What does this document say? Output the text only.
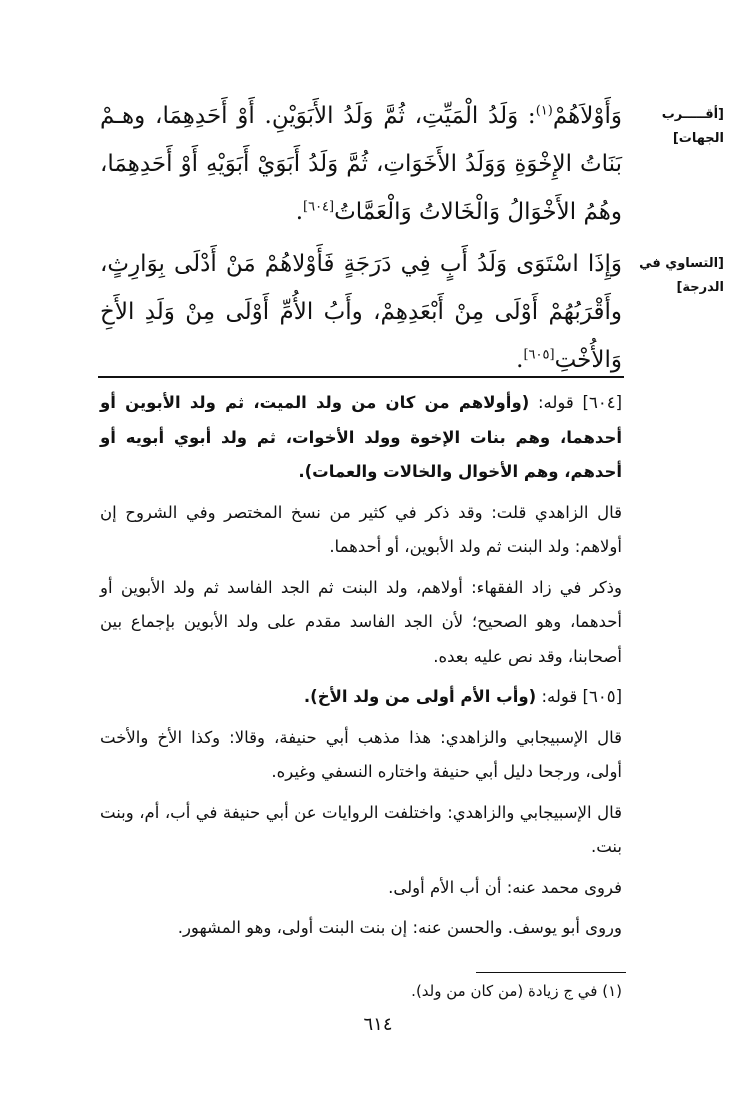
[أقـــــرب الجهات]
[التساوي في الدرجة]
وَأَوْلاَهُمْ$^{(١)}$: وَلَدُ الْمَيِّتِ، ثُمَّ وَلَدُ الأَبَوَيْنِ. أَوْ أَحَدِهِمَا، وهـمْ بَنَاتُ الإِخْوَةِ وَوَلَدُ الأَخَوَاتِ، ثُمَّ وَلَدُ أَبَوَيْ أَبَوَيْهِ أَوْ أَحَدِهِمَا، وهُمُ الأَخْوَالُ وَالْخَالاتُ وَالْعَمَّاتُ[٦٠٤].
وَإِذَا اسْتَوَى وَلَدُ أَبٍ فِي دَرَجَةٍ فَأَوْلاهُمْ مَنْ أَدْلَى بِوَارِثٍ، وأَقْرَبُهُمْ أَوْلَى مِنْ أَبْعَدِهِمْ، وأَبُ الأُمِّ أَوْلَى مِنْ وَلَدِ الأَخِ وَالأُخْتِ[٦٠٥].

[٦٠٤] قوله: (وأولاهم من كان من ولد الميت، ثم ولد الأبوين أو أحدهما، وهم بنات الإخوة وولد الأخوات، ثم ولد أبوي أبويه أو أحدهم، وهم الأخوال والخالات والعمات).

قال الزاهدي قلت: وقد ذكر في كثير من نسخ المختصر وفي الشروح إن أولاهم: ولد البنت ثم ولد الأبوين، أو أحدهما.

وذكر في زاد الفقهاء: أولاهم، ولد البنت ثم الجد الفاسد ثم ولد الأبوين أو أحدهما، وهو الصحيح؛ لأن الجد الفاسد مقدم على ولد الأبوين بإجماع بين أصحابنا، وقد نص عليه بعده.

[٦٠٥] قوله: (وأب الأم أولى من ولد الأخ).

قال الإسبيجابي والزاهدي: هذا مذهب أبي حنيفة، وقالا: وكذا الأخ والأخت أولى، ورجحا دليل أبي حنيفة واختاره النسفي وغيره.

قال الإسبيجابي والزاهدي: واختلفت الروايات عن أبي حنيفة في أب، أم، وبنت بنت.

فروى محمد عنه: أن أب الأم أولى.

وروى أبو يوسف. والحسن عنه: إن بنت البنت أولى، وهو المشهور.

(١) في ج زيادة (من كان من ولد).
٦١٤
